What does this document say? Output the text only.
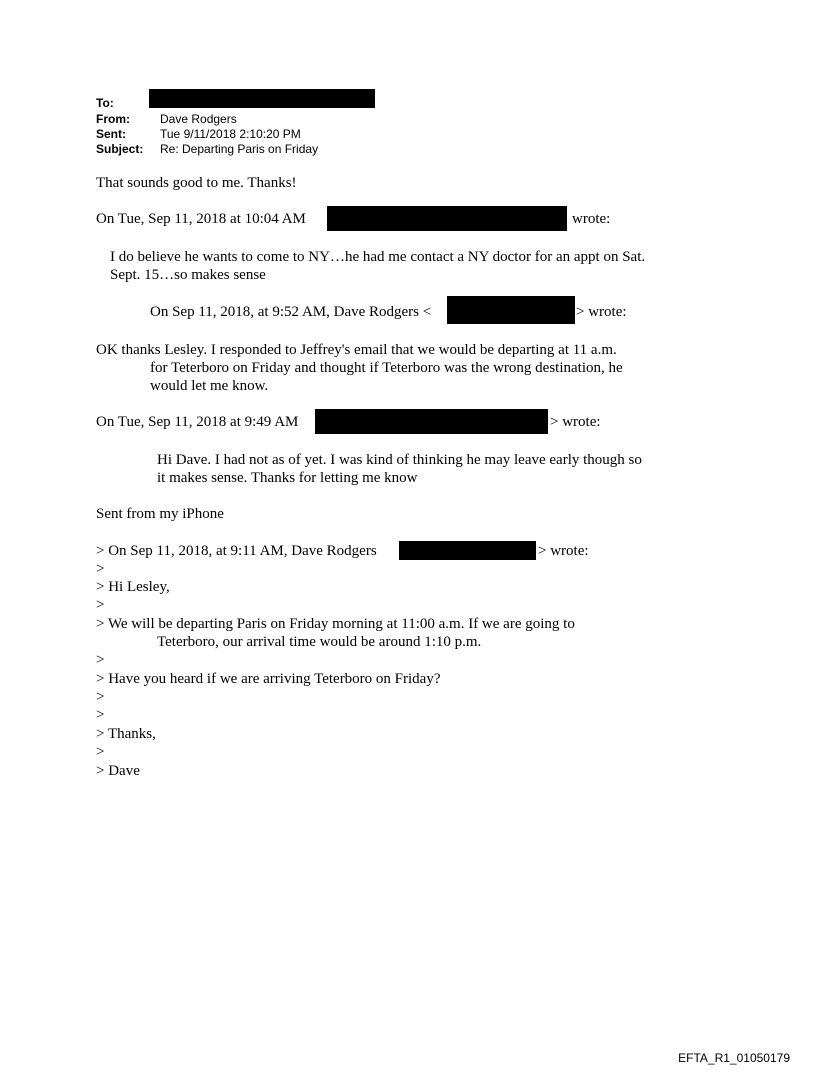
To:
From:	Dave Rodgers
Sent:	Tue 9/11/2018 2:10:20 PM
Subject: Re: Departing Paris on Friday
That sounds good to me. Thanks!
On Tue, Sep 11, 2018 at 10:04 AM	wrote:
I do believe he wants to come to NY…he had me contact a NY doctor for an appt on Sat.
Sept. 15…so makes sense
On Sep 11, 2018, at 9:52 AM, Dave Rodgers <	> wrote:
OK thanks Lesley. I responded to Jeffrey's email that we would be departing at 11 a.m.
for Teterboro on Friday and thought if Teterboro was the wrong destination, he
would let me know.
On Tue, Sep 11, 2018 at 9:49 AM	> wrote:
Hi Dave. I had not as of yet. I was kind of thinking he may leave early though so
it makes sense. Thanks for letting me know
Sent from my iPhone
> On Sep 11, 2018, at 9:11 AM, Dave Rodgers	> wrote:
>
> Hi Lesley,
>
> We will be departing Paris on Friday morning at 11:00 a.m. If we are going to
Teterboro, our arrival time would be around 1:10 p.m.
>
> Have you heard if we are arriving Teterboro on Friday?
>
>
> Thanks,
>
> Dave
EFTA_R1_01050179
